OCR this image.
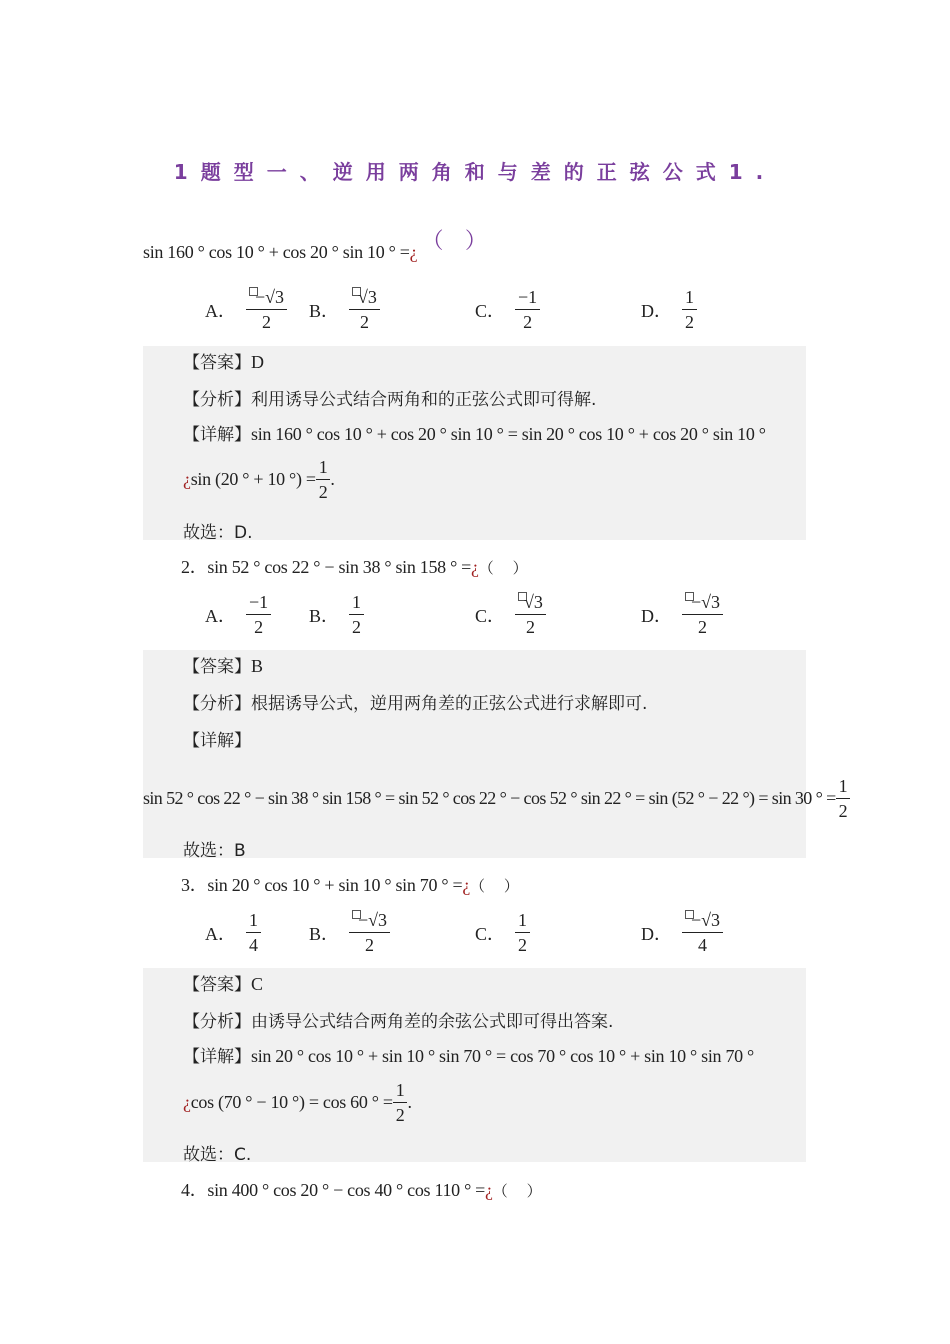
1题型一、逆用两角和与差的正弦公式1.
sin 160 ° cos 10 ° + cos 20 ° sin 10 ° =¿ （　）
A． $\frac{-√3}{2}$ B． $\frac{√3}{2}$	C． $\frac{-1}{2}$	D． $\frac{1}{2}$
【答案】D
【分析】利用诱导公式结合两角和的正弦公式即可得解.
【详解】sin 160 ° cos 10 ° + cos 20 ° sin 10 ° = sin 20 ° cos 10 ° + cos 20 ° sin 10 °
¿ sin (20 ° + 10 °) = $\frac{1}{2}$ .
故选：D.
2．sin 52 ° cos 22 ° − sin 38 ° sin 158 ° =¿（　 ）
A． $\frac{-1}{2}$ B． $\frac{1}{2}$	C． $\frac{√3}{2}$	D． $\frac{-√3}{2}$
【答案】B
【分析】根据诱导公式，逆用两角差的正弦公式进行求解即可.
【详解】
sin 52 ° cos 22 ° − sin 38 ° sin 158 ° = sin 52 ° cos 22 ° − cos 52 ° sin 22 ° = sin (52 ° − 22 °) = sin 30 ° = $\frac{1}{2}$
故选：B
3．sin 20 ° cos 10 ° + sin 10 ° sin 70 ° =¿（　 ）
A． $\frac{1}{4}$	B． $\frac{-√3}{2}$	C． $\frac{1}{2}$	D． $\frac{-√3}{4}$
【答案】C
【分析】由诱导公式结合两角差的余弦公式即可得出答案.
【详解】sin 20 ° cos 10 ° + sin 10 ° sin 70 ° = cos 70 ° cos 10 ° + sin 10 ° sin 70 °
¿ cos (70 ° − 10 °) = cos 60 ° = $\frac{1}{2}$ .
故选：C.
4．sin 400 ° cos 20 ° − cos 40 ° cos 110 ° =¿（　 ）
